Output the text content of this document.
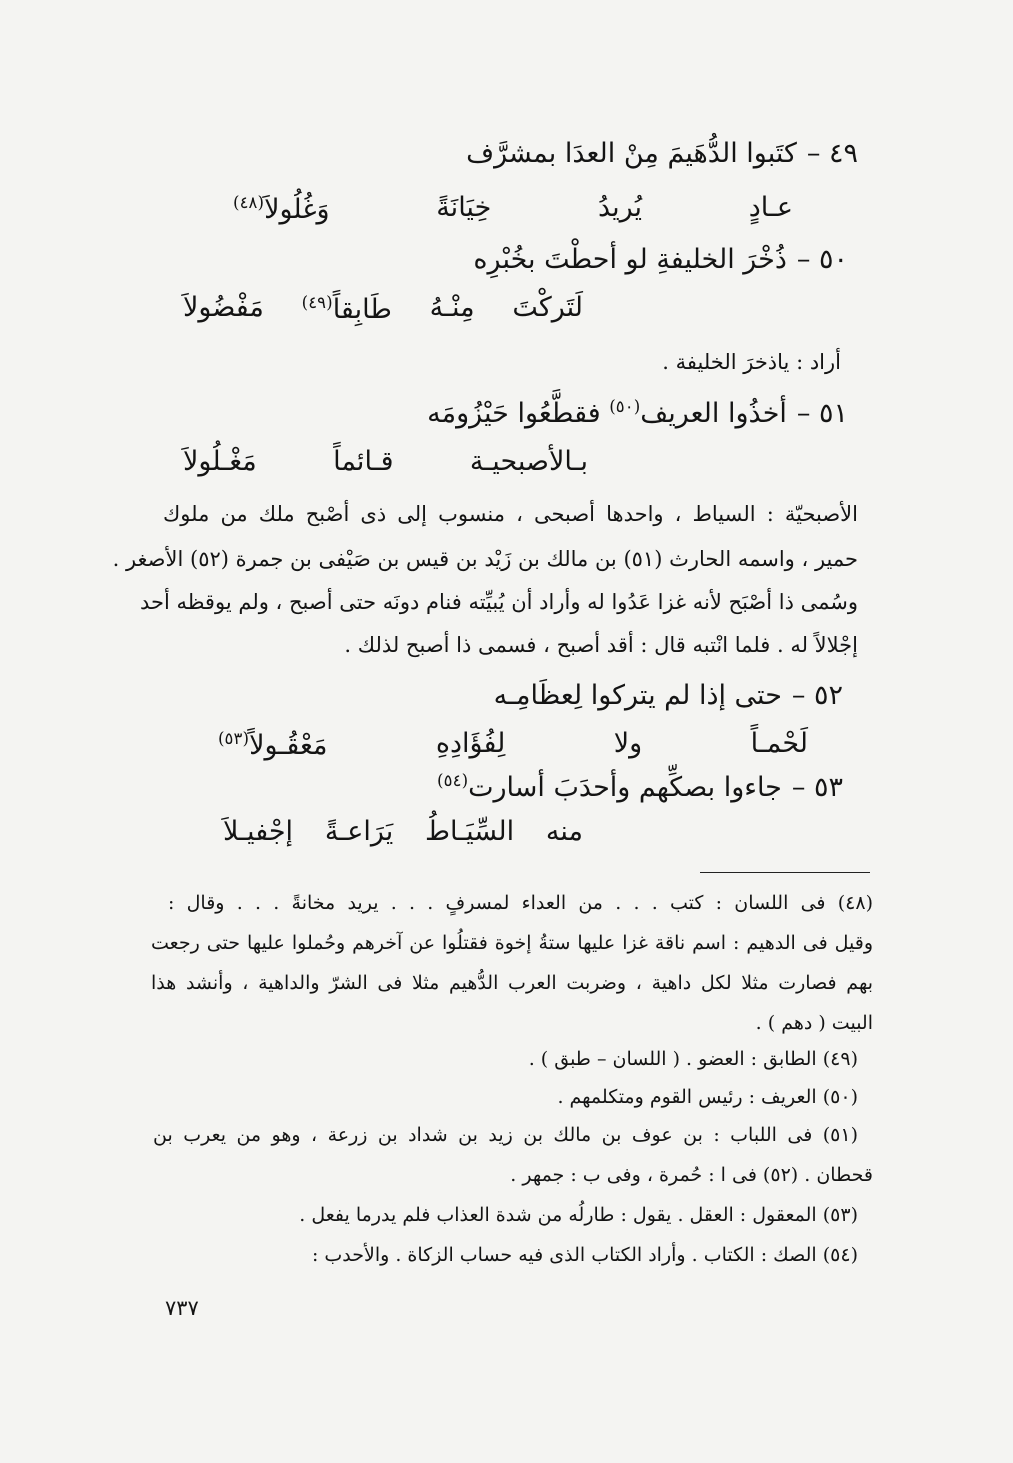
٤٩ –كتَبوا الدُّهَيمَ مِنْ العدَا بمشرَّف
عـادٍ
يُريدُ
خِيَانَةً
وَغُلُولاَ(٤٨)
٥٠ –ذُخْرَ الخليفةِ لو أحطْتَ بخُبْرِه
لَتَركْتَ
مِنْـهُ
طَابِقاً(٤٩)
مَفْضُولاَ
أراد : ياذخرَ الخليفة .
٥١ –أخذُوا العريف$^{(٥٠)}$ فقطَّعُوا حَيْزُومَه
بـالأصبحيـة
قـائماً
مَغْـلُولاَ
الأصبحيّة : السياط ، واحدها أصبحى ، منسوب إلى ذى أصْبح ملك من ملوك
حمير ، واسمه الحارث (٥١) بن مالك بن زَيْد بن قيس بن صَيْفى بن جمرة (٥٢) الأصغر .
وسُمى ذا أصْبَح لأنه غزا عَدُوا له وأراد أن يُبيِّته فنام دونَه حتى أصبح ، ولم يوقظه أحد
إجْلالاً له . فلما انْتبه قال : أقد أصبح ، فسمى ذا أصبح لذلك .
٥٢ –حتى إذا لم يتركوا لِعظَامِـه
لَحْمـاً
ولا
لِفُؤَادِهِ
مَعْقُـولاً(٥٣)
٥٣ –جاءوا بصكِّهم وأحدَبَ أسارت$^{(٥٤)}$
منه
السِّيَـاطُ
يَرَاعـةً
إجْفيـلاَ
(٤٨) فى اللسان : كتب . . . من العداء لمسرفٍ . . . يريد مخانةً . . . وقال :
وقيل فى الدهيم : اسم ناقة غزا عليها ستةُ إخوة فقتلُوا عن آخرهم وحُملوا عليها حتى رجعت
بهم فصارت مثلا لكل داهية ، وضربت العرب الدُّهيم مثلا فى الشرّ والداهية ، وأنشد هذا
البيت ( دهم ) .
(٤٩) الطابق : العضو . ( اللسان – طبق ) .
(٥٠) العريف : رئيس القوم ومتكلمهم .
(٥١) فى اللباب : بن عوف بن مالك بن زيد بن شداد بن زرعة ، وهو من يعرب بن
قحطان . (٥٢) فى ا : حُمرة ، وفى ب : جمهر .
(٥٣) المعقول : العقل . يقول : طارلُه من شدة العذاب فلم يدرما يفعل .
(٥٤) الصك : الكتاب . وأراد الكتاب الذى فيه حساب الزكاة . والأحدب :
٧٣٧
